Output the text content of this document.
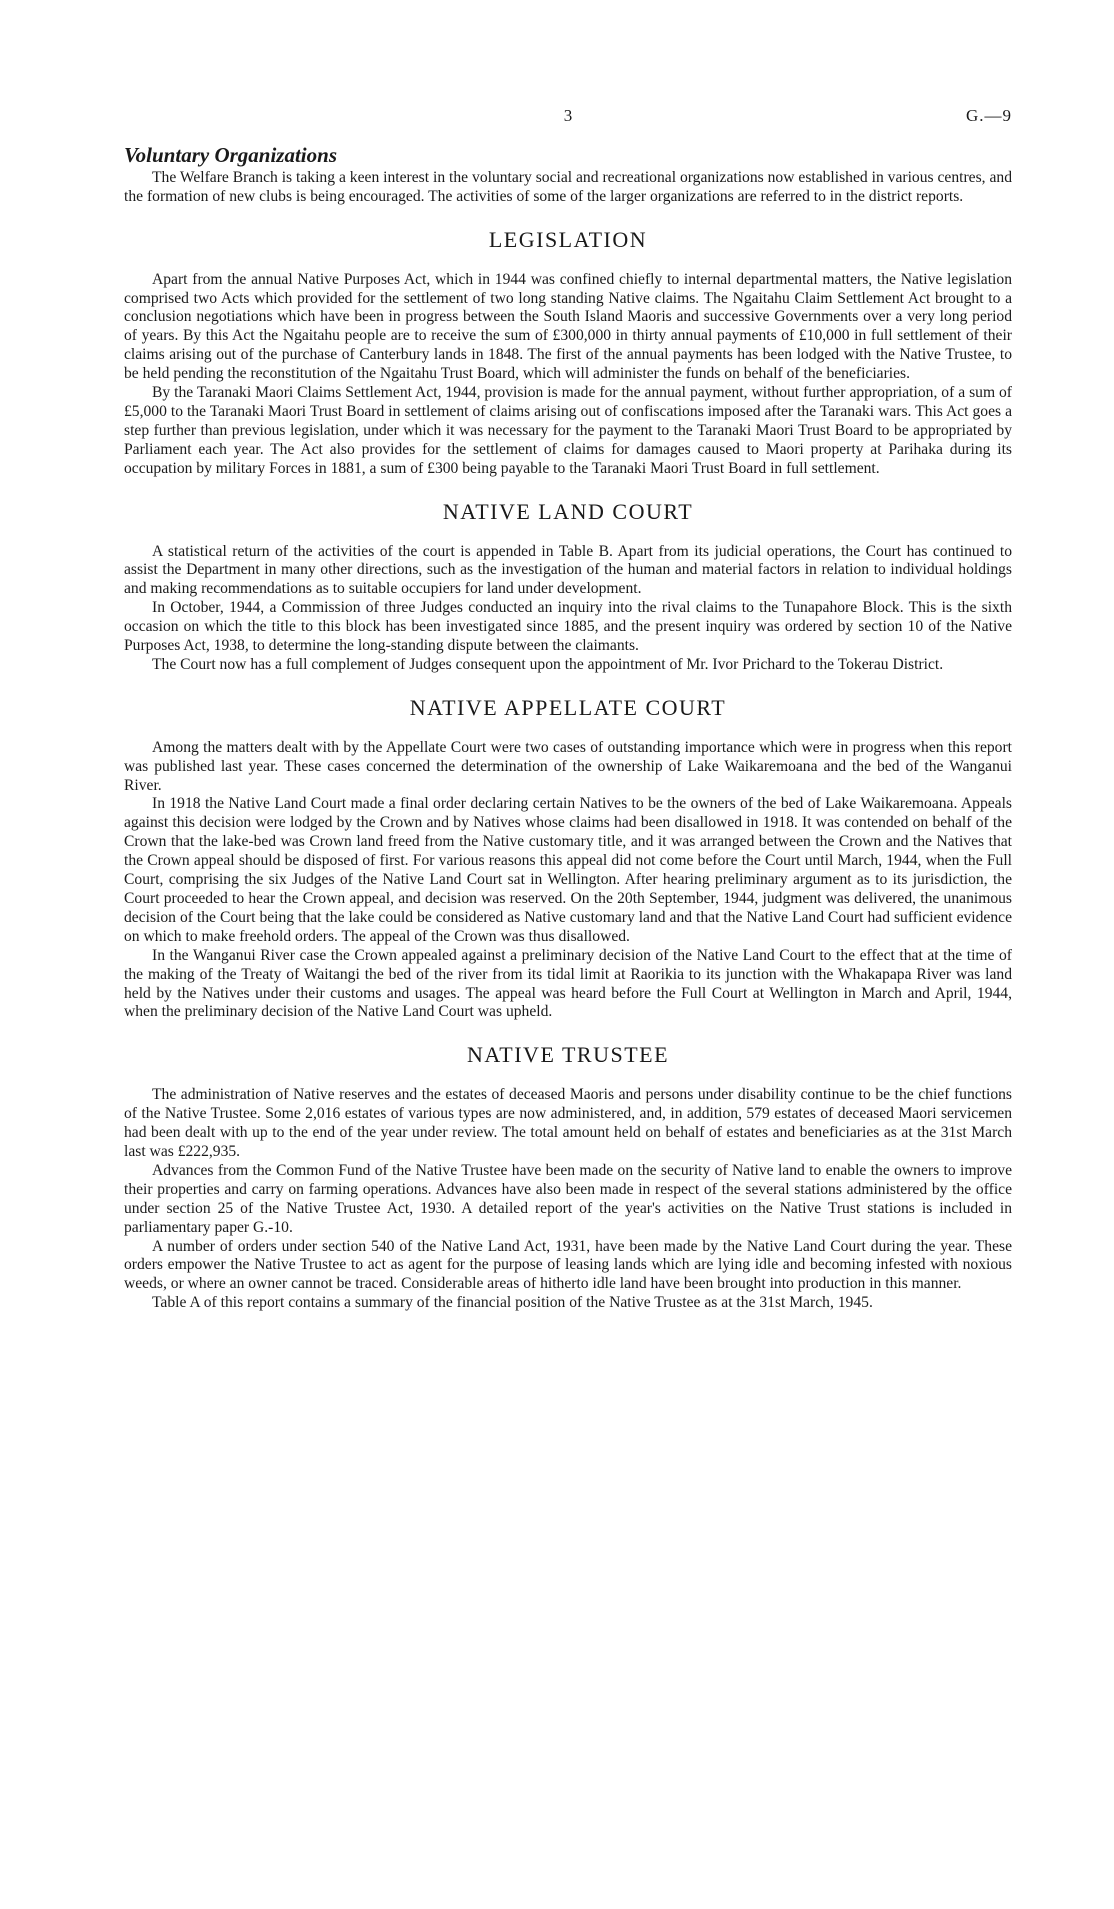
3	G.—9
Voluntary Organizations

The Welfare Branch is taking a keen interest in the voluntary social and recreational organizations now established in various centres, and the formation of new clubs is being encouraged. The activities of some of the larger organizations are referred to in the district reports.

LEGISLATION

Apart from the annual Native Purposes Act, which in 1944 was confined chiefly to internal departmental matters, the Native legislation comprised two Acts which provided for the settlement of two long standing Native claims. The Ngaitahu Claim Settlement Act brought to a conclusion negotiations which have been in progress between the South Island Maoris and successive Governments over a very long period of years. By this Act the Ngaitahu people are to receive the sum of £300,000 in thirty annual payments of £10,000 in full settlement of their claims arising out of the purchase of Canterbury lands in 1848. The first of the annual payments has been lodged with the Native Trustee, to be held pending the reconstitution of the Ngaitahu Trust Board, which will administer the funds on behalf of the beneficiaries.

By the Taranaki Maori Claims Settlement Act, 1944, provision is made for the annual payment, without further appropriation, of a sum of £5,000 to the Taranaki Maori Trust Board in settlement of claims arising out of confiscations imposed after the Taranaki wars. This Act goes a step further than previous legislation, under which it was necessary for the payment to the Taranaki Maori Trust Board to be appropriated by Parliament each year. The Act also provides for the settlement of claims for damages caused to Maori property at Parihaka during its occupation by military Forces in 1881, a sum of £300 being payable to the Taranaki Maori Trust Board in full settlement.

NATIVE LAND COURT

A statistical return of the activities of the court is appended in Table B. Apart from its judicial operations, the Court has continued to assist the Department in many other directions, such as the investigation of the human and material factors in relation to individual holdings and making recommendations as to suitable occupiers for land under development.

In October, 1944, a Commission of three Judges conducted an inquiry into the rival claims to the Tunapahore Block. This is the sixth occasion on which the title to this block has been investigated since 1885, and the present inquiry was ordered by section 10 of the Native Purposes Act, 1938, to determine the long-standing dispute between the claimants.

The Court now has a full complement of Judges consequent upon the appointment of Mr. Ivor Prichard to the Tokerau District.

NATIVE APPELLATE COURT

Among the matters dealt with by the Appellate Court were two cases of outstanding importance which were in progress when this report was published last year. These cases concerned the determination of the ownership of Lake Waikaremoana and the bed of the Wanganui River.

In 1918 the Native Land Court made a final order declaring certain Natives to be the owners of the bed of Lake Waikaremoana. Appeals against this decision were lodged by the Crown and by Natives whose claims had been disallowed in 1918. It was contended on behalf of the Crown that the lake-bed was Crown land freed from the Native customary title, and it was arranged between the Crown and the Natives that the Crown appeal should be disposed of first. For various reasons this appeal did not come before the Court until March, 1944, when the Full Court, comprising the six Judges of the Native Land Court sat in Wellington. After hearing preliminary argument as to its jurisdiction, the Court proceeded to hear the Crown appeal, and decision was reserved. On the 20th September, 1944, judgment was delivered, the unanimous decision of the Court being that the lake could be considered as Native customary land and that the Native Land Court had sufficient evidence on which to make freehold orders. The appeal of the Crown was thus disallowed.

In the Wanganui River case the Crown appealed against a preliminary decision of the Native Land Court to the effect that at the time of the making of the Treaty of Waitangi the bed of the river from its tidal limit at Raorikia to its junction with the Whakapapa River was land held by the Natives under their customs and usages. The appeal was heard before the Full Court at Wellington in March and April, 1944, when the preliminary decision of the Native Land Court was upheld.

NATIVE TRUSTEE

The administration of Native reserves and the estates of deceased Maoris and persons under disability continue to be the chief functions of the Native Trustee. Some 2,016 estates of various types are now administered, and, in addition, 579 estates of deceased Maori servicemen had been dealt with up to the end of the year under review. The total amount held on behalf of estates and beneficiaries as at the 31st March last was £222,935.

Advances from the Common Fund of the Native Trustee have been made on the security of Native land to enable the owners to improve their properties and carry on farming operations. Advances have also been made in respect of the several stations administered by the office under section 25 of the Native Trustee Act, 1930. A detailed report of the year's activities on the Native Trust stations is included in parliamentary paper G.-10.

A number of orders under section 540 of the Native Land Act, 1931, have been made by the Native Land Court during the year. These orders empower the Native Trustee to act as agent for the purpose of leasing lands which are lying idle and becoming infested with noxious weeds, or where an owner cannot be traced. Considerable areas of hitherto idle land have been brought into production in this manner.

Table A of this report contains a summary of the financial position of the Native Trustee as at the 31st March, 1945.
